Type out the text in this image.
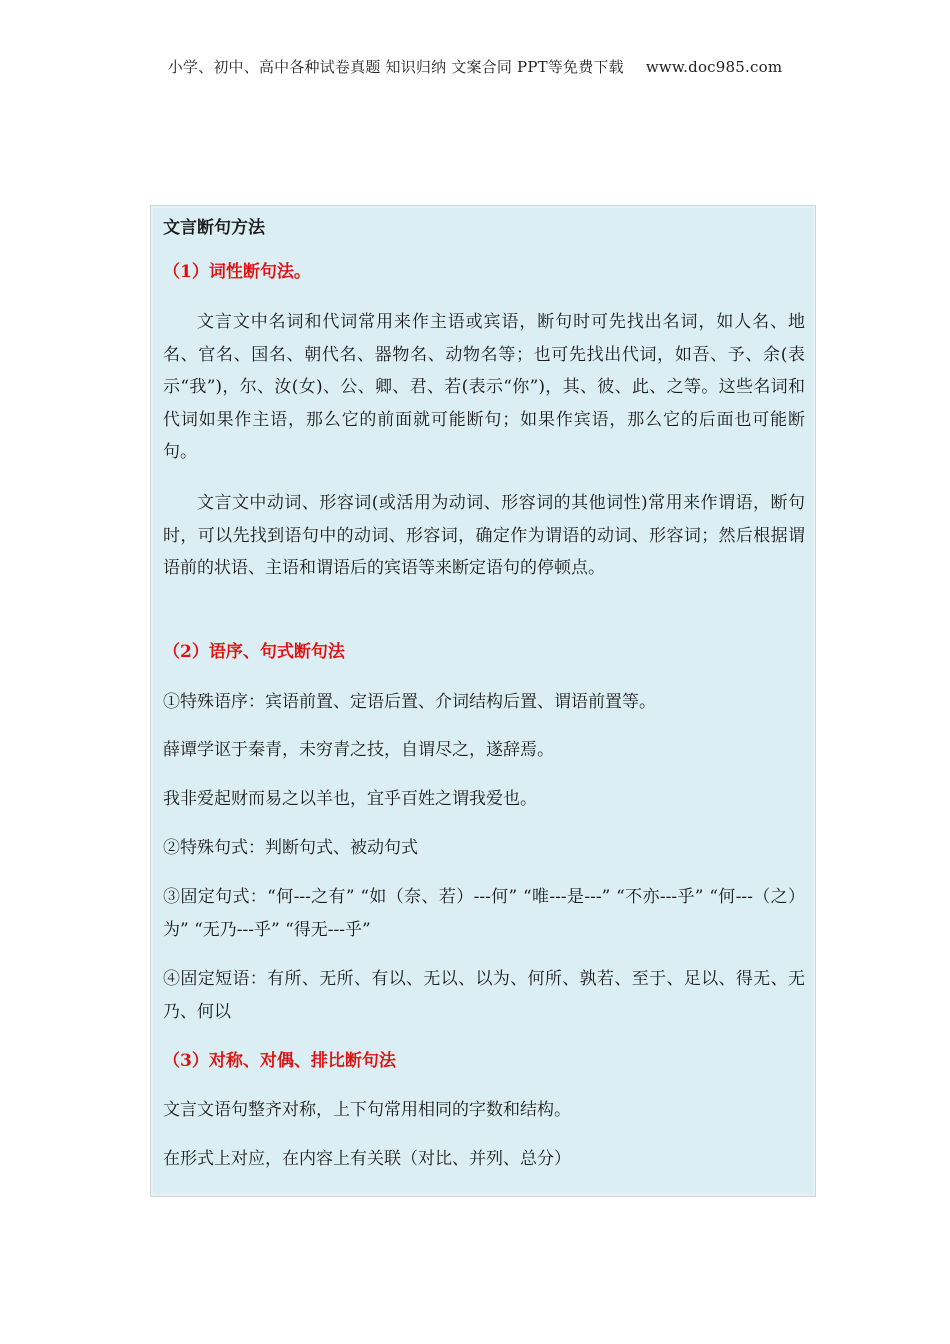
小学、初中、高中各种试卷真题 知识归纳 文案合同 PPT等免费下载 www.doc985.com

文言断句方法

（1）词性断句法。

文言文中名词和代词常用来作主语或宾语，断句时可先找出名词，如人名、地名、官名、国名、朝代名、器物名、动物名等；也可先找出代词，如吾、予、余(表示“我”)，尔、汝(女)、公、卿、君、若(表示“你”)，其、彼、此、之等。这些名词和代词如果作主语，那么它的前面就可能断句；如果作宾语，那么它的后面也可能断句。

文言文中动词、形容词(或活用为动词、形容词的其他词性)常用来作谓语，断句时，可以先找到语句中的动词、形容词，确定作为谓语的动词、形容词；然后根据谓语前的状语、主语和谓语后的宾语等来断定语句的停顿点。

（2）语序、句式断句法

①特殊语序：宾语前置、定语后置、介词结构后置、谓语前置等。

薛谭学讴于秦青，未穷青之技，自谓尽之，遂辞焉。

我非爱起财而易之以羊也，宜乎百姓之谓我爱也。

②特殊句式：判断句式、被动句式

③固定句式：“何---之有” “如（奈、若）---何” “唯---是---” “不亦---乎” “何---（之）为” “无乃---乎” “得无---乎”

④固定短语：有所、无所、有以、无以、以为、何所、孰若、至于、足以、得无、无乃、何以

（3）对称、对偶、排比断句法

文言文语句整齐对称，上下句常用相同的字数和结构。

在形式上对应，在内容上有关联（对比、并列、总分）
